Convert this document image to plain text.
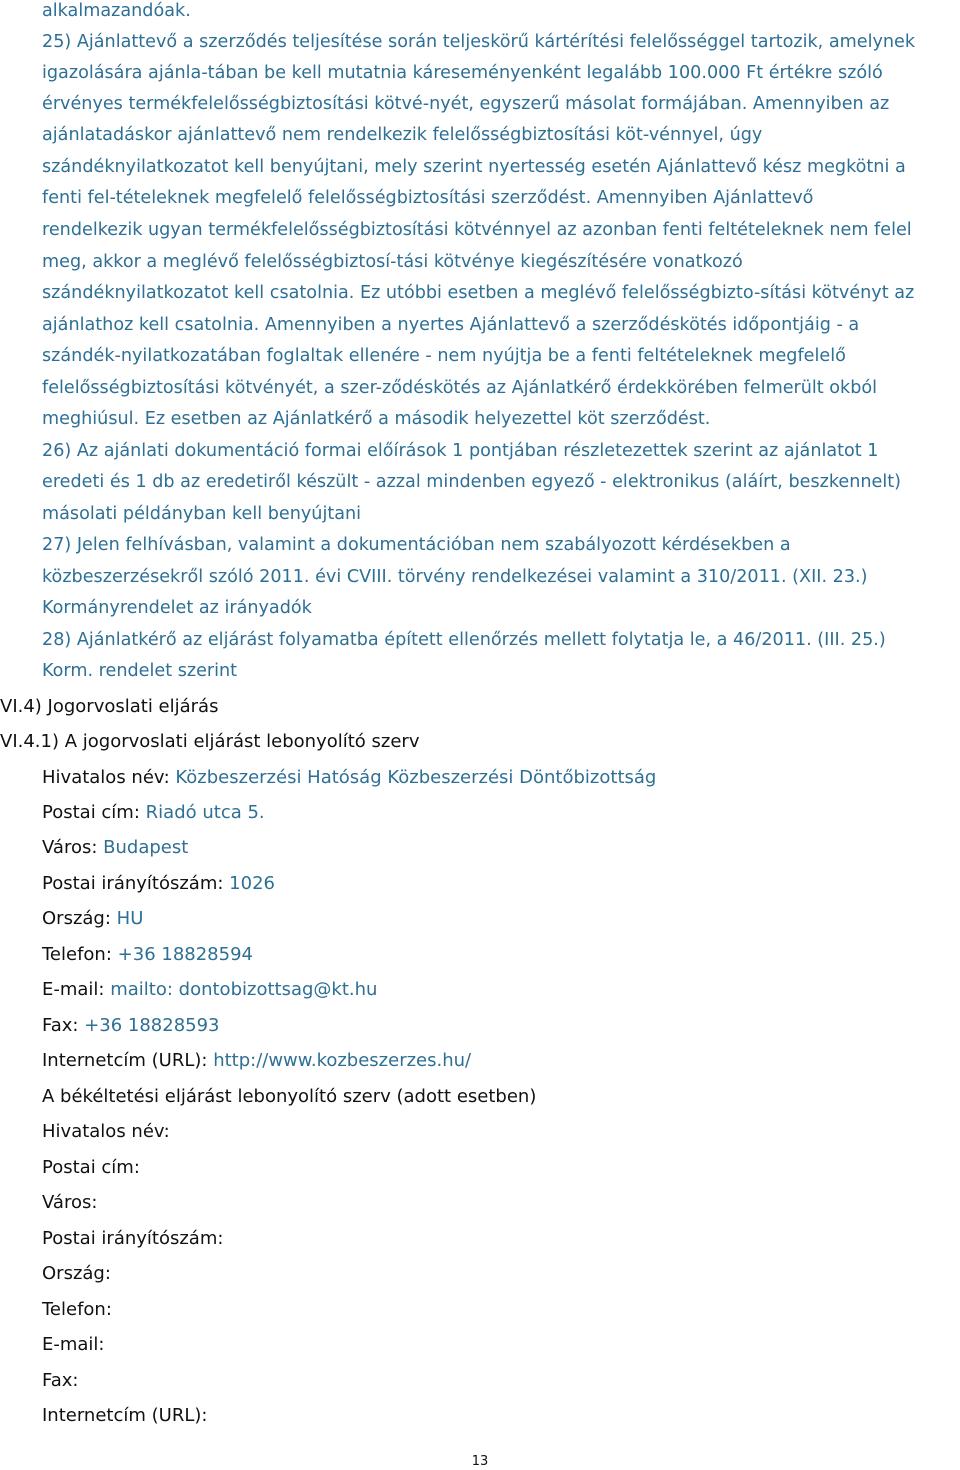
alkalmazandóak.
25) Ajánlattevő a szerződés teljesítése során teljeskörű kártérítési felelősséggel tartozik, amelynek
igazolására ajánla-tában be kell mutatnia káreseményenként legalább 100.000 Ft értékre szóló
érvényes termékfelelősségbiztosítási kötvé-nyét, egyszerű másolat formájában. Amennyiben az
ajánlatadáskor ajánlattevő nem rendelkezik felelősségbiztosítási köt-vénnyel, úgy
szándéknyilatkozatot kell benyújtani, mely szerint nyertesség esetén Ajánlattevő kész megkötni a
fenti fel-tételeknek megfelelő felelősségbiztosítási szerződést. Amennyiben Ajánlattevő
rendelkezik ugyan termékfelelősségbiztosítási kötvénnyel az azonban fenti feltételeknek nem felel
meg, akkor a meglévő felelősségbiztosí-tási kötvénye kiegészítésére vonatkozó
szándéknyilatkozatot kell csatolnia. Ez utóbbi esetben a meglévő felelősségbizto-sítási kötvényt az
ajánlathoz kell csatolnia. Amennyiben a nyertes Ajánlattevő a szerződéskötés időpontjáig - a
szándék-nyilatkozatában foglaltak ellenére - nem nyújtja be a fenti feltételeknek megfelelő
felelősségbiztosítási kötvényét, a szer-ződéskötés az Ajánlatkérő érdekkörében felmerült okból
meghiúsul. Ez esetben az Ajánlatkérő a második helyezettel köt szerződést.
26) Az ajánlati dokumentáció formai előírások 1 pontjában részletezettek szerint az ajánlatot 1
eredeti és 1 db az eredetiről készült - azzal mindenben egyező - elektronikus (aláírt, beszkennelt)
másolati példányban kell benyújtani
27) Jelen felhívásban, valamint a dokumentációban nem szabályozott kérdésekben a
közbeszerzésekről szóló 2011. évi CVIII. törvény rendelkezései valamint a 310/2011. (XII. 23.)
Kormányrendelet az irányadók
28) Ajánlatkérő az eljárást folyamatba épített ellenőrzés mellett folytatja le, a 46/2011. (III. 25.)
Korm. rendelet szerint
VI.4) Jogorvoslati eljárás
VI.4.1) A jogorvoslati eljárást lebonyolító szerv
Hivatalos név: Közbeszerzési Hatóság Közbeszerzési Döntőbizottság
Postai cím: Riadó utca 5.
Város: Budapest
Postai irányítószám: 1026
Ország: HU
Telefon: +36 18828594
E-mail: mailto: dontobizottsag@kt.hu
Fax: +36 18828593
Internetcím (URL): http://www.kozbeszerzes.hu/
A békéltetési eljárást lebonyolító szerv (adott esetben)
Hivatalos név:
Postai cím:
Város:
Postai irányítószám:
Ország:
Telefon:
E-mail:
Fax:
Internetcím (URL):
13
